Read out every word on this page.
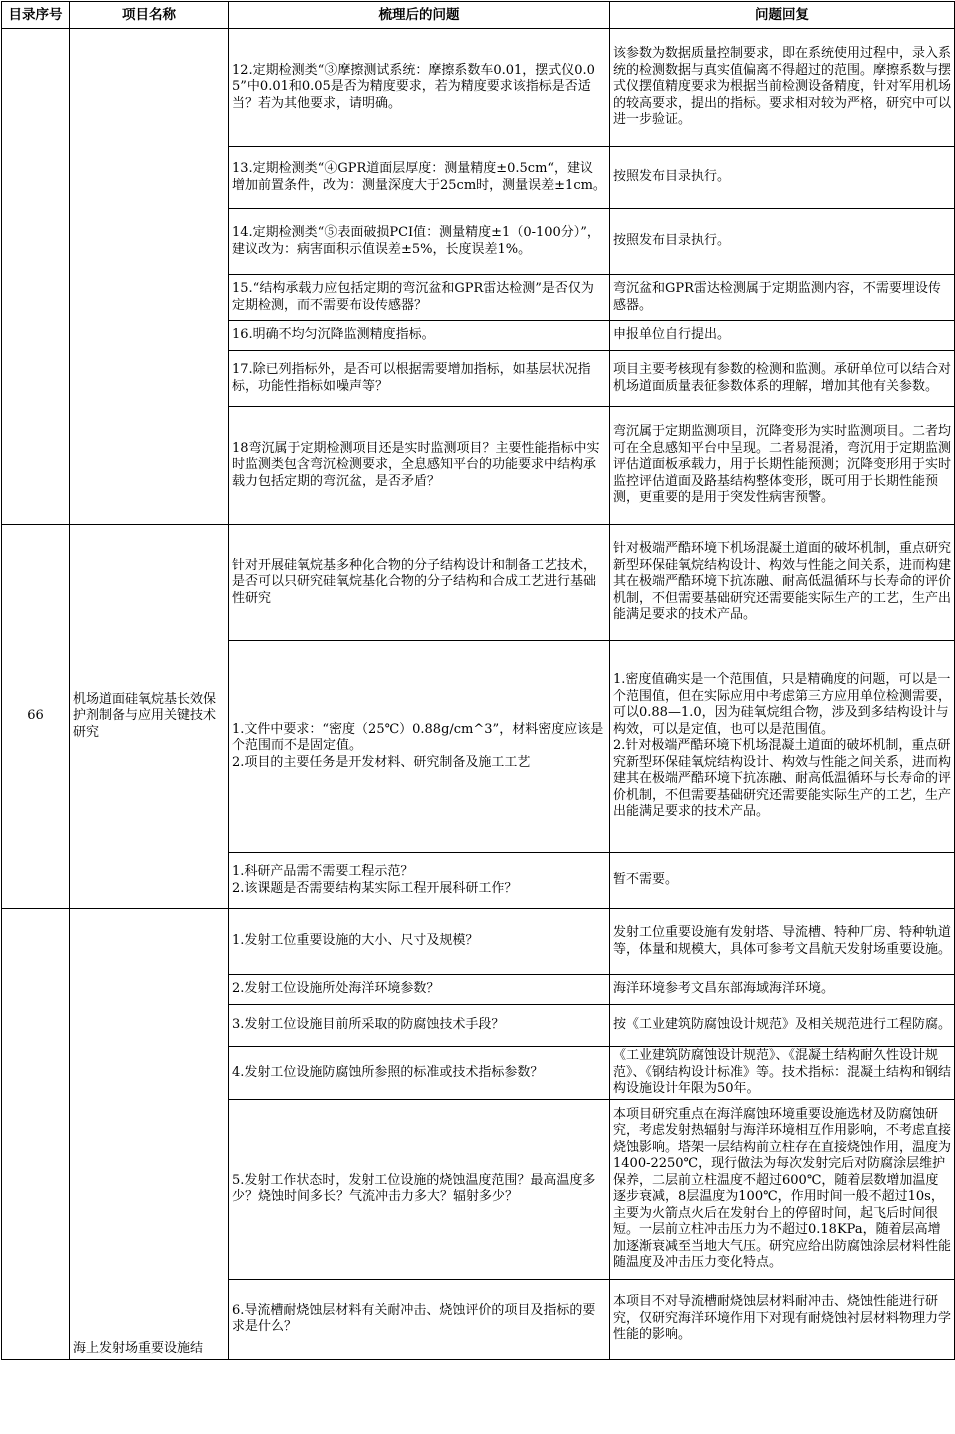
目录序号	项目名称	梳理后的问题	问题回复

		12.定期检测类“③摩擦测试系统：摩擦系数车0.01，摆式仪0.05”中0.01和0.05是否为精度要求，若为精度要求该指标是否适当？若为其他要求，请明确。	该参数为数据质量控制要求，即在系统使用过程中，录入系统的检测数据与真实值偏离不得超过的范围。摩擦系数与摆式仪摆值精度要求为根据当前检测设备精度，针对军用机场的较高要求，提出的指标。要求相对较为严格，研究中可以进一步验证。

		13.定期检测类“④GPR道面层厚度：测量精度±0.5cm“，建议增加前置条件，改为：测量深度大于25cm时，测量误差±1cm。	按照发布目录执行。

		14.定期检测类“⑤表面破损PCI值：测量精度±1（0-100分）”，建议改为：病害面积示值误差±5%，长度误差1%。	按照发布目录执行。

		15.“结构承载力应包括定期的弯沉盆和GPR雷达检测”是否仅为定期检测，而不需要布设传感器？	弯沉盆和GPR雷达检测属于定期监测内容，不需要埋设传感器。

		16.明确不均匀沉降监测精度指标。	申报单位自行提出。

		17.除已列指标外，是否可以根据需要增加指标，如基层状况指标，功能性指标如噪声等？	项目主要考核现有参数的检测和监测。承研单位可以结合对机场道面质量表征参数体系的理解，增加其他有关参数。

		18弯沉属于定期检测项目还是实时监测项目？主要性能指标中实时监测类包含弯沉检测要求，全息感知平台的功能要求中结构承载力包括定期的弯沉盆，是否矛盾？	弯沉属于定期监测项目，沉降变形为实时监测项目。二者均可在全息感知平台中呈现。二者易混淆，弯沉用于定期监测评估道面板承载力，用于长期性能预测；沉降变形用于实时监控评估道面及路基结构整体变形，既可用于长期性能预测，更重要的是用于突发性病害预警。

66	机场道面硅氧烷基长效保护剂制备与应用关键技术研究	针对开展硅氧烷基多种化合物的分子结构设计和制备工艺技术，是否可以只研究硅氧烷基化合物的分子结构和合成工艺进行基础性研究	针对极端严酷环境下机场混凝土道面的破坏机制，重点研究新型环保硅氧烷结构设计、构效与性能之间关系，进而构建其在极端严酷环境下抗冻融、耐高低温循环与长寿命的评价机制，不但需要基础研究还需要能实际生产的工艺，生产出能满足要求的技术产品。

		1.文件中要求：“密度（25℃）0.88g/cm^3”，材料密度应该是个范围而不是固定值。
2.项目的主要任务是开发材料、研究制备及施工工艺	1.密度值确实是一个范围值，只是精确度的问题，可以是一个范围值，但在实际应用中考虑第三方应用单位检测需要，可以0.88—1.0，因为硅氧烷组合物，涉及到多结构设计与构效，可以是定值，也可以是范围值。
2.针对极端严酷环境下机场混凝土道面的破坏机制，重点研究新型环保硅氧烷结构设计、构效与性能之间关系，进而构建其在极端严酷环境下抗冻融、耐高低温循环与长寿命的评价机制，不但需要基础研究还需要能实际生产的工艺，生产出能满足要求的技术产品。

		1.科研产品需不需要工程示范？
2.该课题是否需要结构某实际工程开展科研工作？	暂不需要。

	海上发射场重要设施结	1.发射工位重要设施的大小、尺寸及规模？	发射工位重要设施有发射塔、导流槽、特种厂房、特种轨道等，体量和规模大，具体可参考文昌航天发射场重要设施。

		2.发射工位设施所处海洋环境参数？	海洋环境参考文昌东部海域海洋环境。

		3.发射工位设施目前所采取的防腐蚀技术手段？	按《工业建筑防腐蚀设计规范》及相关规范进行工程防腐。

		4.发射工位设施防腐蚀所参照的标准或技术指标参数？	《工业建筑防腐蚀设计规范》、《混凝土结构耐久性设计规范》、《钢结构设计标准》等。技术指标：混凝土结构和钢结构设施设计年限为50年。

		5.发射工作状态时，发射工位设施的烧蚀温度范围？最高温度多少？烧蚀时间多长？气流冲击力多大？辐射多少？	本项目研究重点在海洋腐蚀环境重要设施选材及防腐蚀研究，考虑发射热辐射与海洋环境相互作用影响，不考虑直接烧蚀影响。塔架一层结构前立柱存在直接烧蚀作用，温度为1400-2250℃，现行做法为每次发射完后对防腐涂层维护保养，二层前立柱温度不超过600℃，随着层数增加温度逐步衰减，8层温度为100℃，作用时间一般不超过10s，主要为火箭点火后在发射台上的停留时间，起飞后时间很短。一层前立柱冲击压力为不超过0.18KPa，随着层高增加逐渐衰减至当地大气压。研究应给出防腐蚀涂层材料性能随温度及冲击压力变化特点。

		6.导流槽耐烧蚀层材料有关耐冲击、烧蚀评价的项目及指标的要求是什么？	本项目不对导流槽耐烧蚀层材料耐冲击、烧蚀性能进行研究，仅研究海洋环境作用下对现有耐烧蚀衬层材料物理力学性能的影响。
